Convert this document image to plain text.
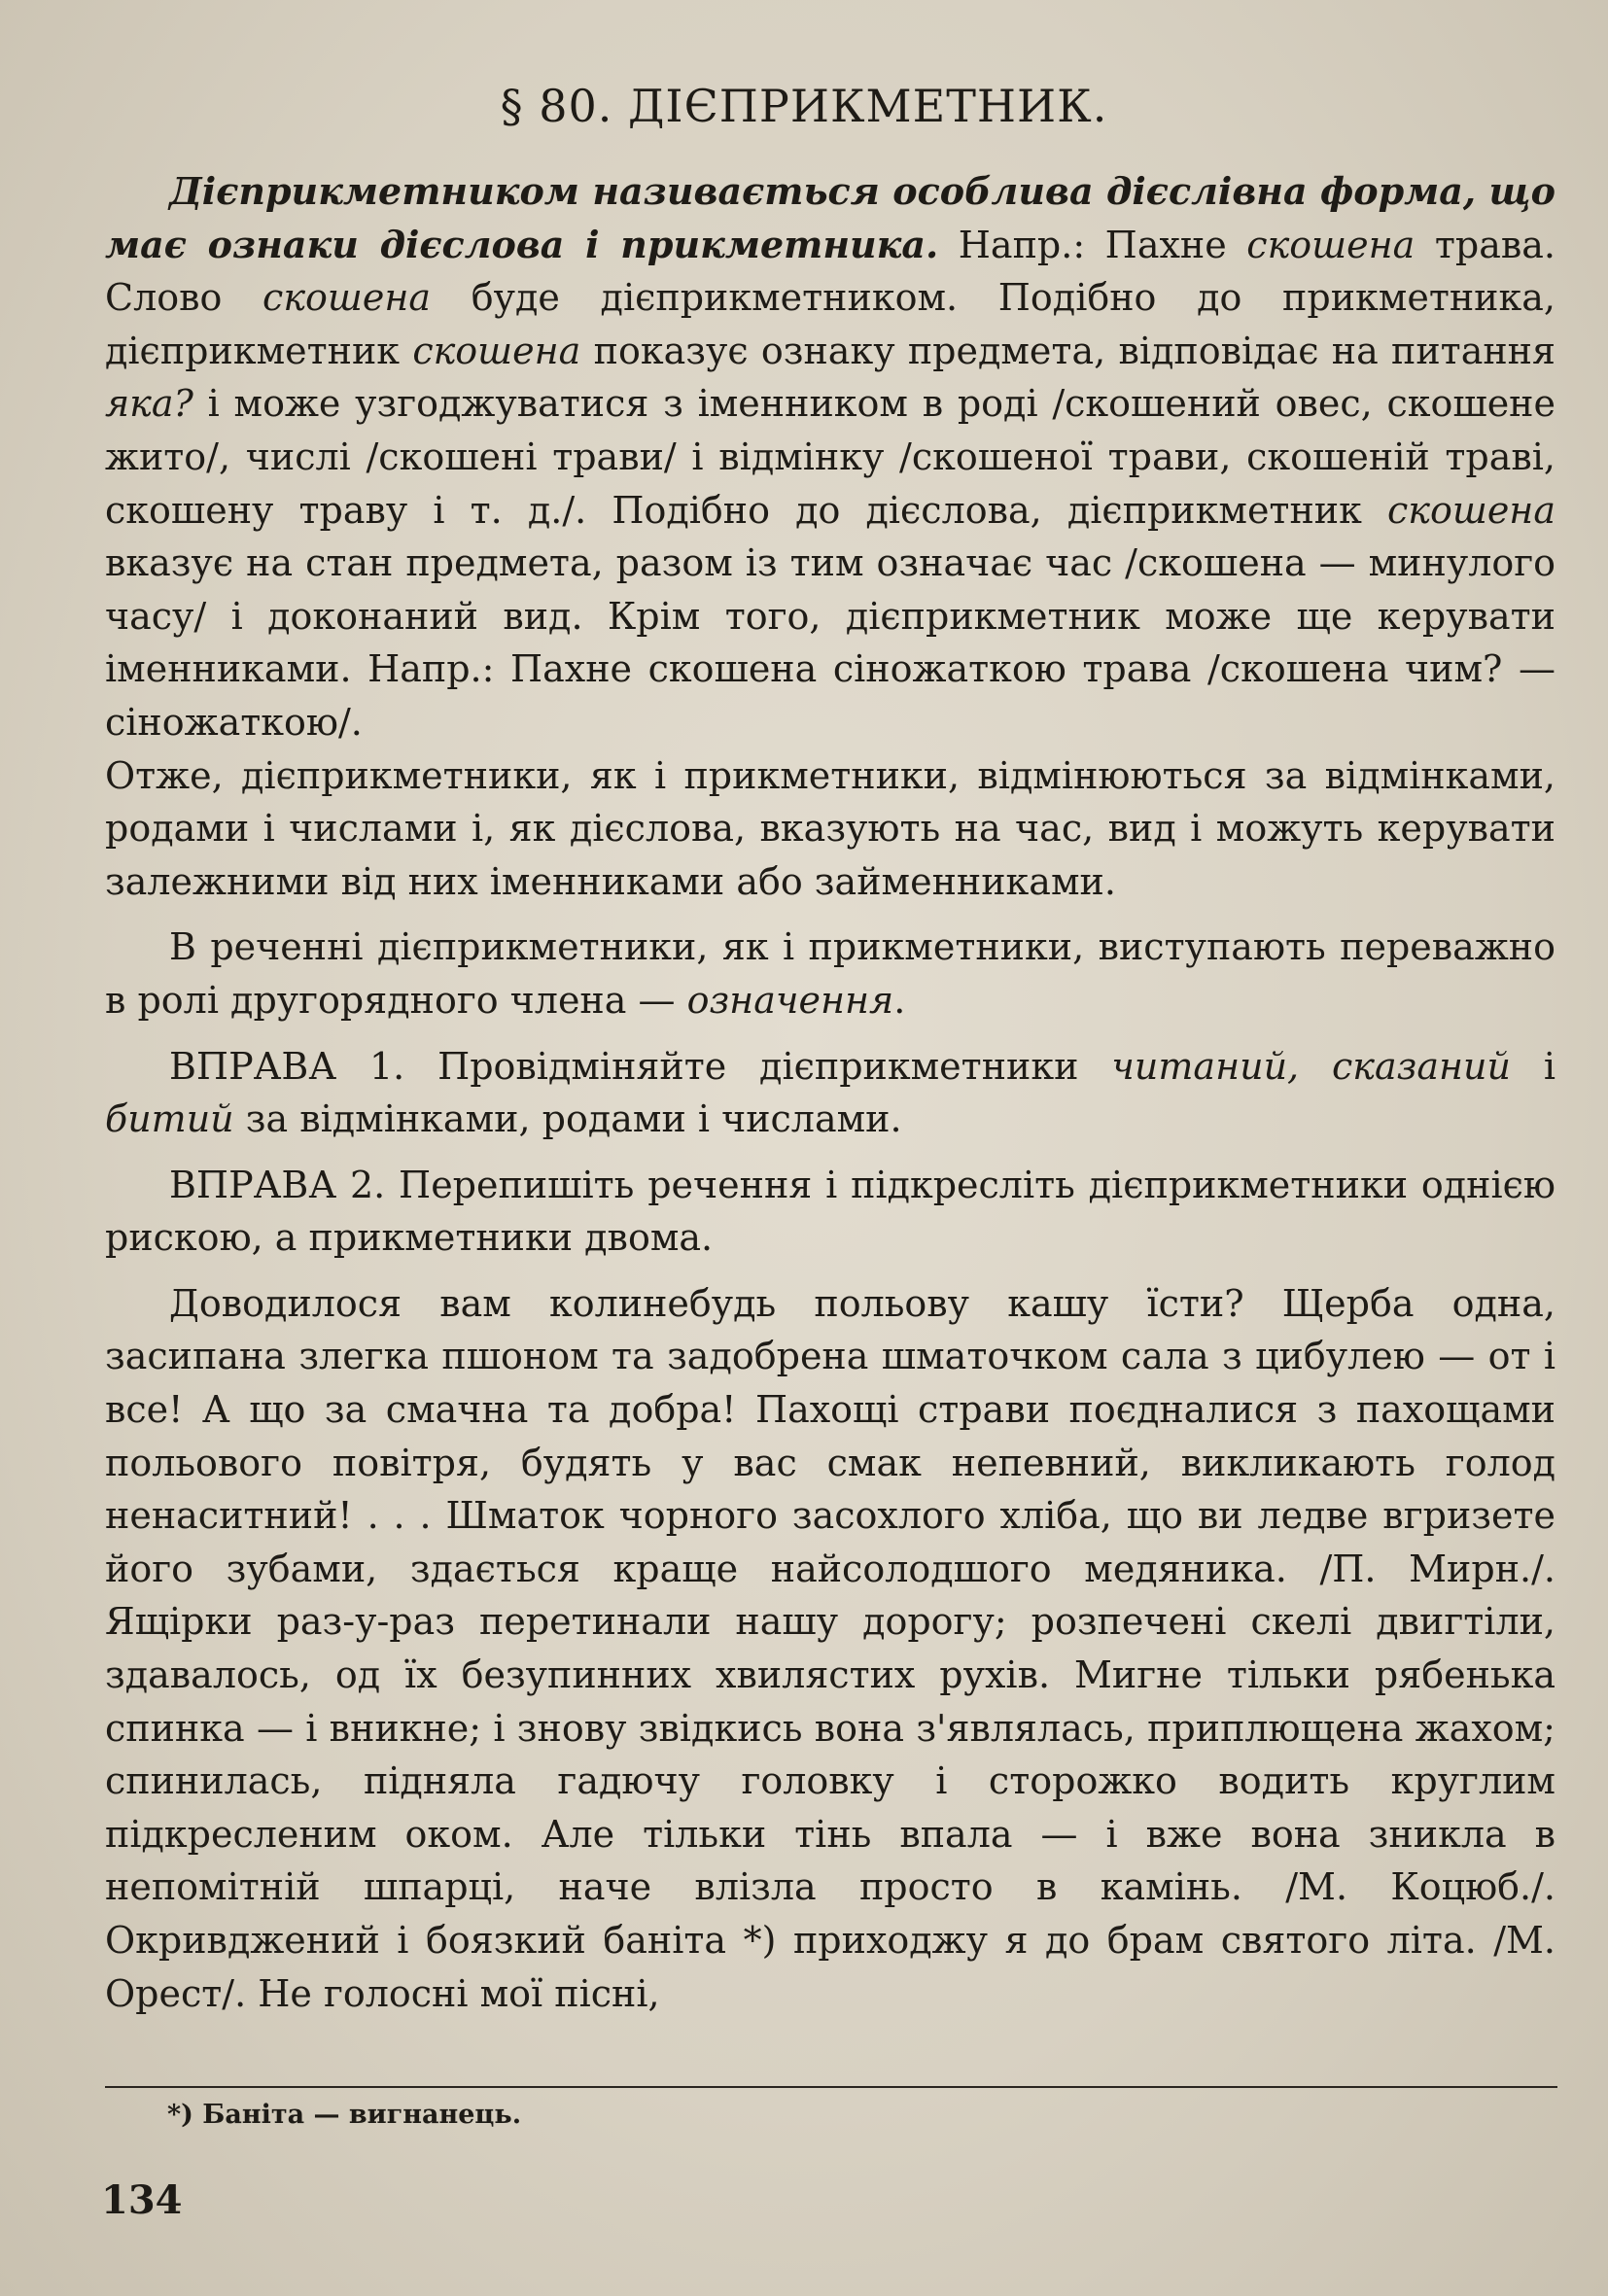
§ 80. ДІЄПРИКМЕТНИК.

Дієприкметником називається особлива дієслівна форма, що має ознаки дієслова і прикметника. Напр.: Пахне скошена трава. Слово скошена буде дієприкметником. Подібно до прикметника, дієприкметник скошена показує ознаку предмета, відповідає на питання яка? і може узгоджуватися з іменником в роді /скошений овес, скошене жито/, числі /скошені трави/ і відмінку /скошеної трави, скошеній траві, скошену траву і т. д./. Подібно до дієслова, дієприкметник скошена вказує на стан предмета, разом із тим означає час /скошена — минулого часу/ і доконаний вид. Крім того, дієприкметник може ще керувати іменниками. Напр.: Пахне скошена сіножаткою трава /скошена чим? — сіножаткою/.

Отже, дієприкметники, як і прикметники, відмінюються за відмінками, родами і числами і, як дієслова, вказують на час, вид і можуть керувати залежними від них іменниками або займенниками.

В реченні дієприкметники, як і прикметники, виступають переважно в ролі другорядного члена — означення.

ВПРАВА 1. Провідміняйте дієприкметники читаний, сказаний і битий за відмінками, родами і числами.

ВПРАВА 2. Перепишіть речення і підкресліть дієприкметники однією рискою, а прикметники двома.

Доводилося вам колинебудь польову кашу їсти? Щерба одна, засипана злегка пшоном та задобрена шматочком сала з цибулею — от і все! А що за смачна та добра! Пахощі страви поєдналися з пахощами польового повітря, будять у вас смак непевний, викликають голод ненаситний! . . . Шматок чорного засохлого хліба, що ви ледве вгризете його зубами, здається краще найсолодшого медяника. /П. Мирн./. Ящірки раз-у-раз перетинали нашу дорогу; розпечені скелі двигтіли, здавалось, од їх безупинних хвилястих рухів. Мигне тільки рябенька спинка — і вникне; і знову звідкись вона з'являлась, приплющена жахом; спинилась, підняла гадючу головку і сторожко водить круглим підкресленим оком. Але тільки тінь впала — і вже вона зникла в непомітній шпарці, наче влізла просто в камінь. /М. Коцюб./. Окривджений і боязкий баніта *) приходжу я до брам святого літа. /М. Орест/. Не голосні мої пісні,

*) Баніта — вигнанець.
134
